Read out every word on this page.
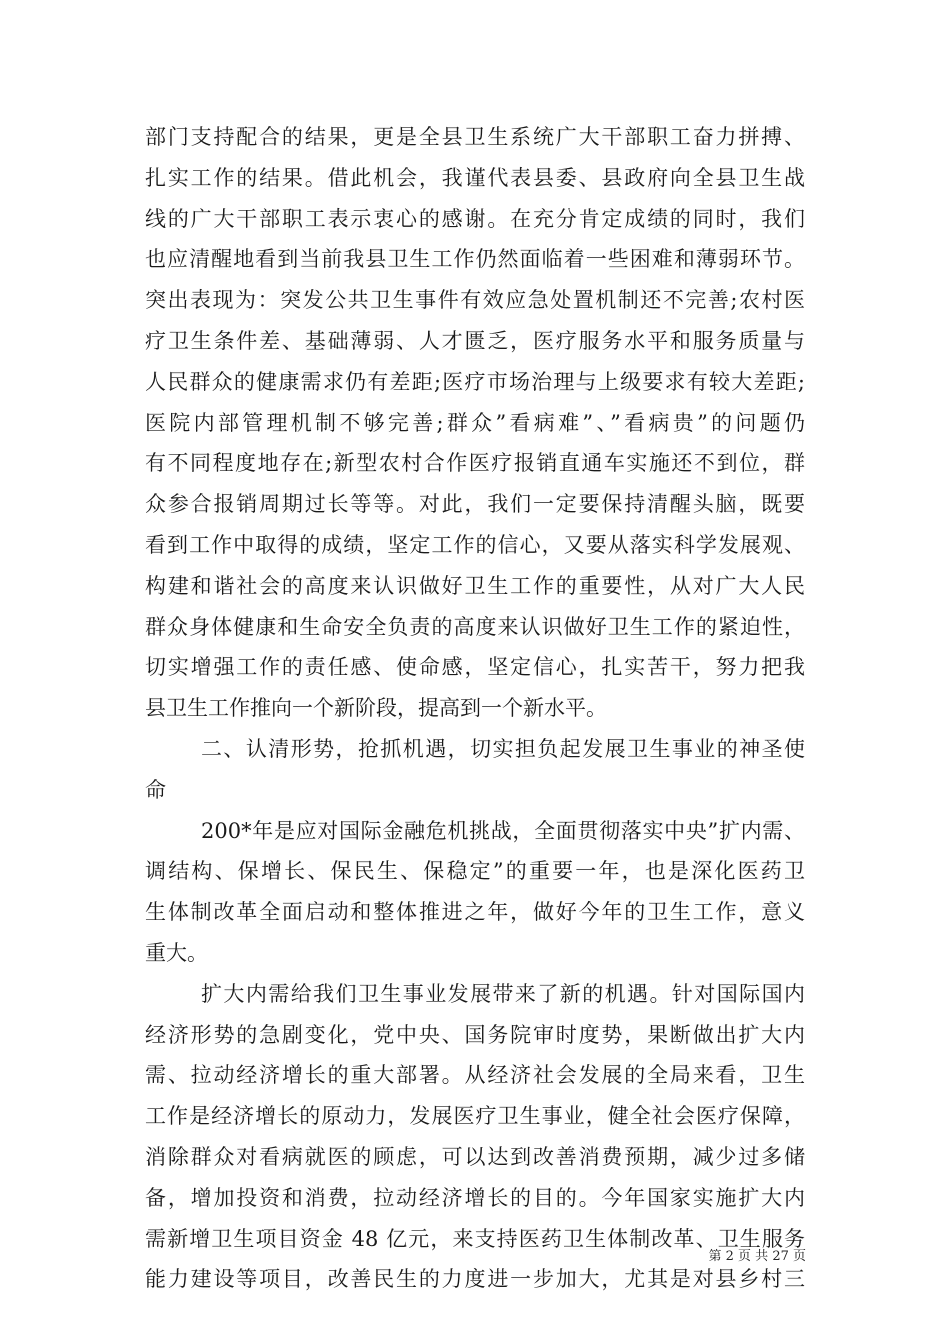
部门支持配合的结果，更是全县卫生系统广大干部职工奋力拼搏、
扎实工作的结果。借此机会，我谨代表县委、县政府向全县卫生战
线的广大干部职工表示衷心的感谢。在充分肯定成绩的同时，我们
也应清醒地看到当前我县卫生工作仍然面临着一些困难和薄弱环节。
突出表现为：突发公共卫生事件有效应急处置机制还不完善;农村医
疗卫生条件差、基础薄弱、人才匮乏，医疗服务水平和服务质量与
人民群众的健康需求仍有差距;医疗市场治理与上级要求有较大差距;
医院内部管理机制不够完善;群众”看病难”、”看病贵”的问题仍
有不同程度地存在;新型农村合作医疗报销直通车实施还不到位，群
众参合报销周期过长等等。对此，我们一定要保持清醒头脑，既要
看到工作中取得的成绩，坚定工作的信心，又要从落实科学发展观、
构建和谐社会的高度来认识做好卫生工作的重要性，从对广大人民
群众身体健康和生命安全负责的高度来认识做好卫生工作的紧迫性，
切实增强工作的责任感、使命感，坚定信心，扎实苦干，努力把我
县卫生工作推向一个新阶段，提高到一个新水平。
二、认清形势，抢抓机遇，切实担负起发展卫生事业的神圣使
命
200*年是应对国际金融危机挑战，全面贯彻落实中央”扩内需、
调结构、保增长、保民生、保稳定”的重要一年，也是深化医药卫
生体制改革全面启动和整体推进之年，做好今年的卫生工作，意义
重大。
扩大内需给我们卫生事业发展带来了新的机遇。针对国际国内
经济形势的急剧变化，党中央、国务院审时度势，果断做出扩大内
需、拉动经济增长的重大部署。从经济社会发展的全局来看，卫生
工作是经济增长的原动力，发展医疗卫生事业，健全社会医疗保障，
消除群众对看病就医的顾虑，可以达到改善消费预期，减少过多储
备，增加投资和消费，拉动经济增长的目的。今年国家实施扩大内
需新增卫生项目资金 48 亿元，来支持医药卫生体制改革、卫生服务
能力建设等项目，改善民生的力度进一步加大，尤其是对县乡村三
第 2 页 共 27 页
